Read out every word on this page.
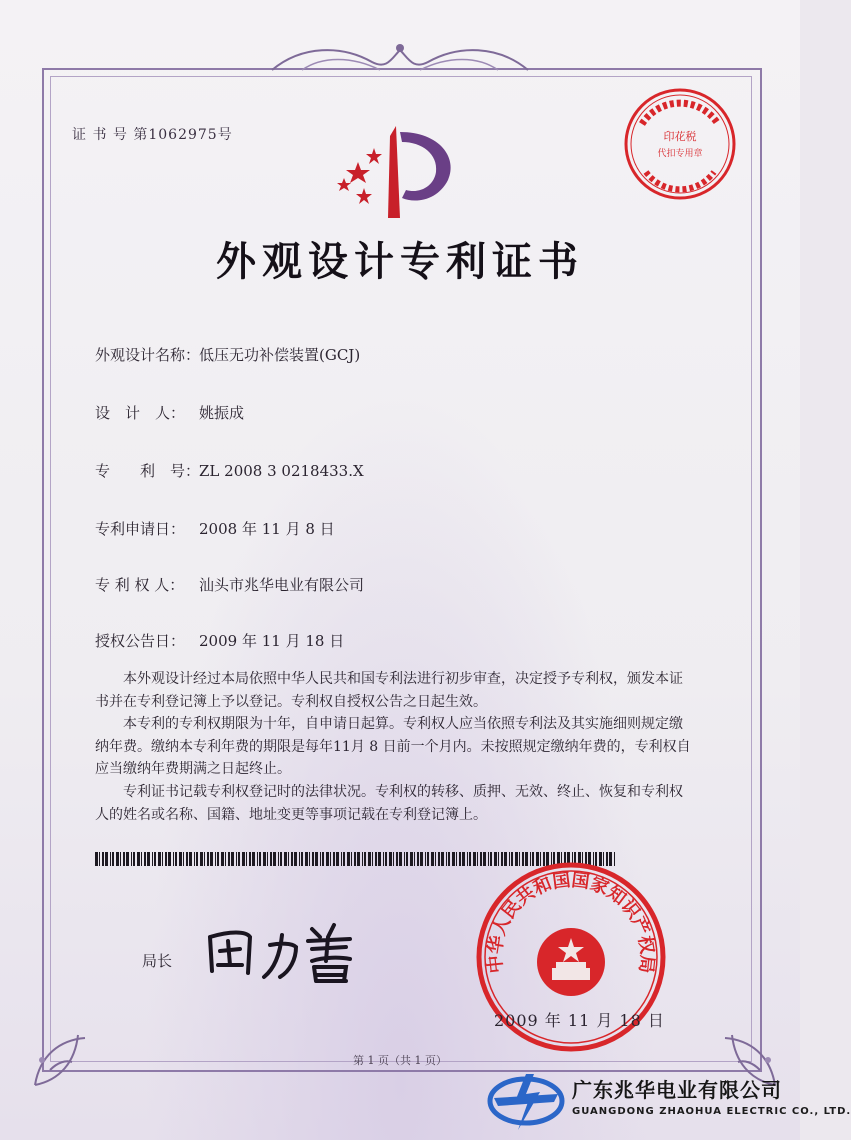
证 书 号 第1062975号	印花税
代扣专用章
外观设计专利证书
外观设计名称：低压无功补偿装置(GCJ)
设　计　人： 姚振成
专　　利　号：ZL 2008 3 0218433.X
专利申请日： 2008 年 11 月 8 日
专 利 权 人： 汕头市兆华电业有限公司
授权公告日： 2009 年 11 月 18 日

本外观设计经过本局依照中华人民共和国专利法进行初步审查，决定授予专利权，颁发本证书并在专利登记簿上予以登记。专利权自授权公告之日起生效。

本专利的专利权期限为十年，自申请日起算。专利权人应当依照专利法及其实施细则规定缴纳年费。缴纳本专利年费的期限是每年11月 8 日前一个月内。未按照规定缴纳年费的，专利权自应当缴纳年费期满之日起终止。

专利证书记载专利权登记时的法律状况。专利权的转移、质押、无效、终止、恢复和专利权人的姓名或名称、国籍、地址变更等事项记载在专利登记簿上。

局长	中华人民共和国国家知识产权局
2009 年 11 月 18 日
第 1 页（共 1 页）
广东兆华电业有限公司
GUANGDONG ZHAOHUA ELECTRIC CO., LTD.
